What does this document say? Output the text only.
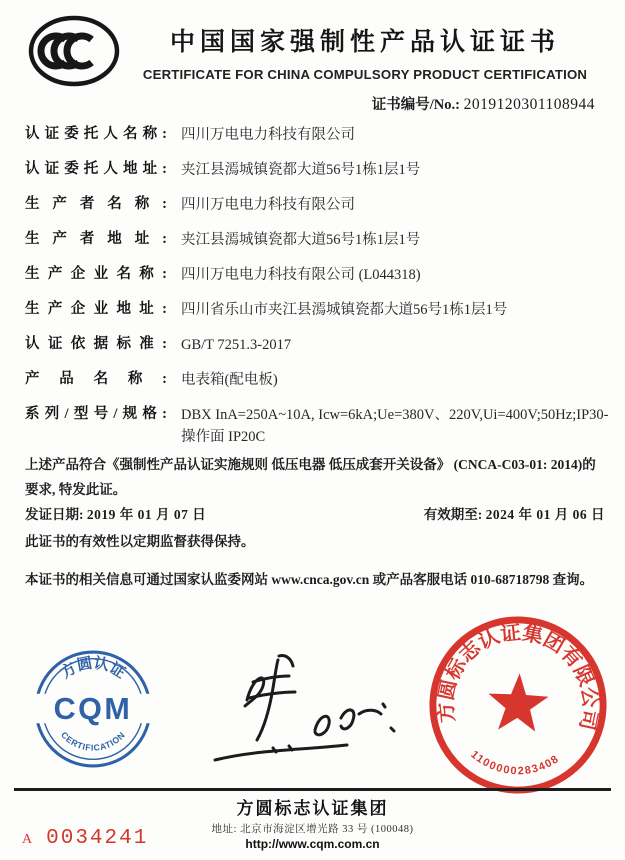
中国国家强制性产品认证证书
CERTIFICATE FOR CHINA COMPULSORY PRODUCT CERTIFICATION
证书编号/No.: 2019120301108944
认证委托人名称: 四川万电电力科技有限公司
认证委托人地址: 夹江县漹城镇瓷都大道56号1栋1层1号
生 产 者 名 称 : 四川万电电力科技有限公司
生 产 者 地 址 : 夹江县漹城镇瓷都大道56号1栋1层1号
生产企业名称: 四川万电电力科技有限公司 (L044318)
生产企业地址: 四川省乐山市夹江县漹城镇瓷都大道56号1栋1层1号
认证依据标准: GB/T 7251.3-2017
产 品 名 称 : 电表箱(配电板)
系列/型号/规格: DBX InA=250A~10A, Icw=6kA;Ue=380V、220V,Ui=400V;50Hz;IP30-操作面 IP20C
上述产品符合《强制性产品认证实施规则 低压电器 低压成套开关设备》 (CNCA-C03-01: 2014)的要求, 特发此证。
发证日期: 2019 年 01 月 07 日	有效期至: 2024 年 01 月 06 日
此证书的有效性以定期监督获得保持。
本证书的相关信息可通过国家认监委网站 www.cnca.gov.cn 或产品客服电话 010-68718798 查询。
方圆认证
CQM
CERTIFICATION
方圆标志认证集团有限公司
1100000283408
方圆标志认证集团
地址: 北京市海淀区增光路 33 号 (100048)
http://www.cqm.com.cn
A 0034241
